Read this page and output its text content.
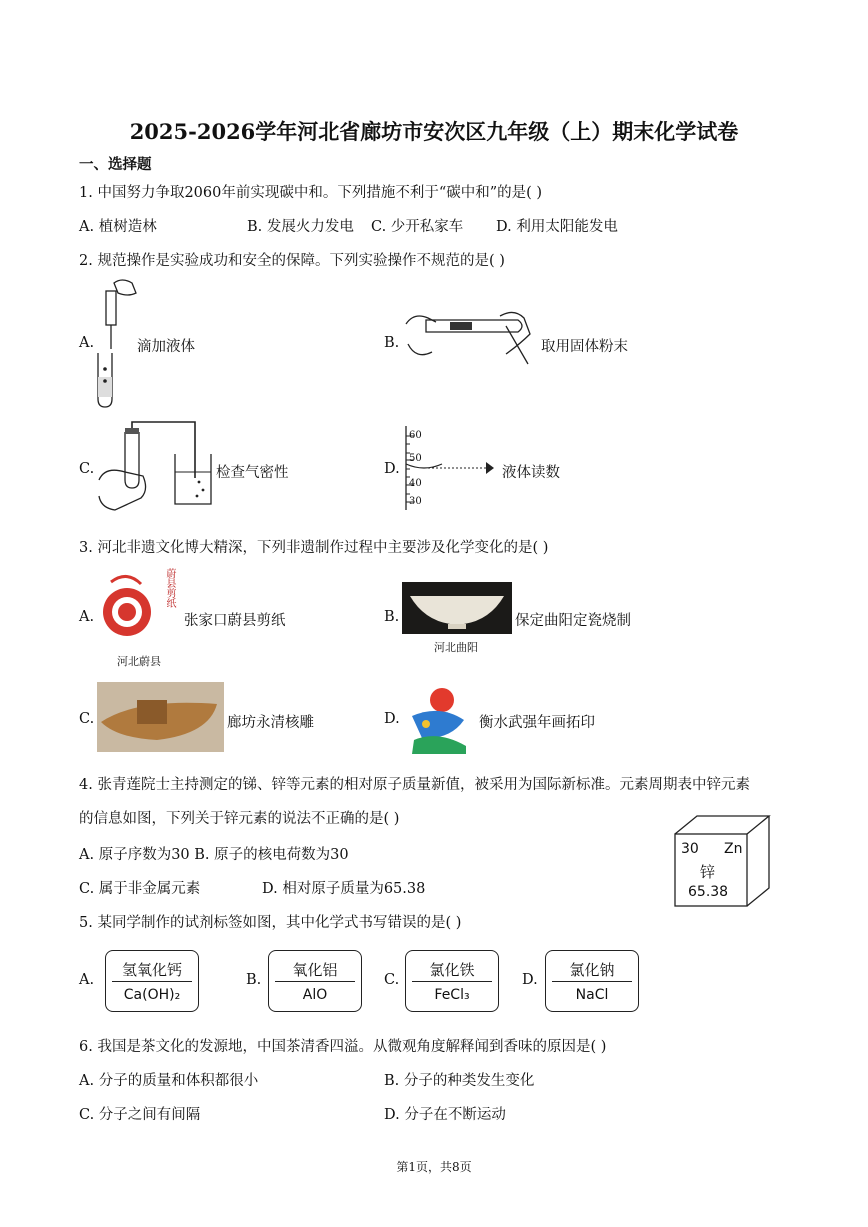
2025-2026学年河北省廊坊市安次区九年级（上）期末化学试卷
一、选择题
1. 中国努力争取2060年前实现碳中和。下列措施不利于“碳中和”的是( )
A. 植树造林	B. 发展火力发电 C. 少开私家车 D. 利用太阳能发电
2. 规范操作是实验成功和安全的保障。下列实验操作不规范的是( )
A.	滴加液体	B.	取用固体粉末
C.	检查气密性	D.
60
50
40
30
液体读数
3. 河北非遗文化博大精深，下列非遗制作过程中主要涉及化学变化的是( )
A.
蔚县剪纸
河北蔚县
张家口蔚县剪纸	B.
河北曲阳
保定曲阳定瓷烧制
C.	廊坊永清核雕	D.	衡水武强年画拓印
4. 张青莲院士主持测定的锑、锌等元素的相对原子质量新值，被采用为国际新标准。元素周期表中锌元素
的信息如图，下列关于锌元素的说法不正确的是( )
A. 原子序数为30 B. 原子的核电荷数为30
C. 属于非金属元素	D. 相对原子质量为65.38
30 Zn
锌
65.38
5. 某同学制作的试剂标签如图，其中化学式书写错误的是( )
A.
氢氧化钙
Ca(OH)₂
B.
氧化铝
AlO
C.
氯化铁
FeCl₃
D.
氯化钠
NaCl
6. 我国是茶文化的发源地，中国茶清香四溢。从微观角度解释闻到香味的原因是( )
A. 分子的质量和体积都很小	B. 分子的种类发生变化
C. 分子之间有间隔	D. 分子在不断运动
第1页，共8页
